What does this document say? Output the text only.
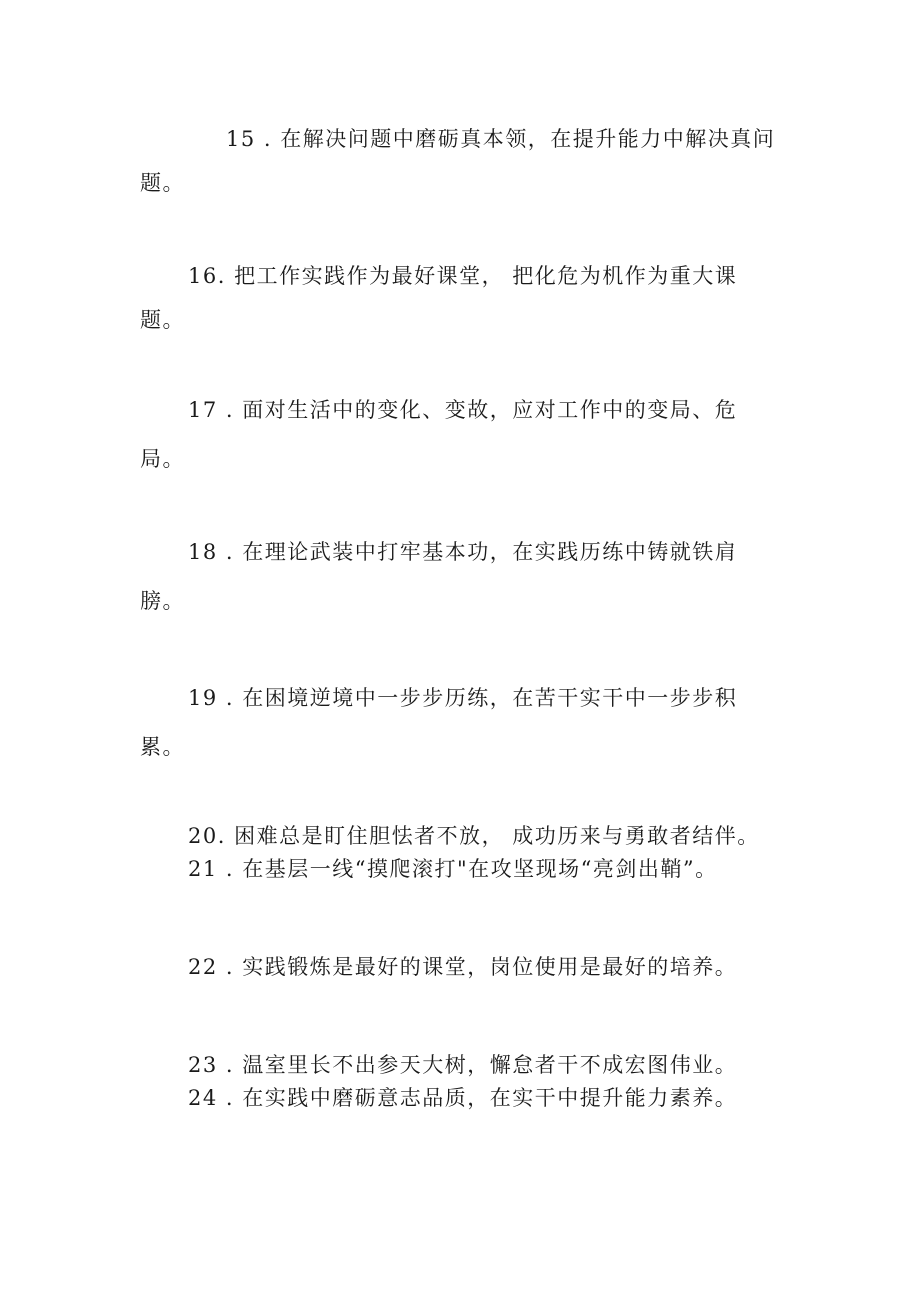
15 . 在解决问题中磨砺真本领，在提升能力中解决真问
题。
16. 把工作实践作为最好课堂， 把化危为机作为重大课
题。
17 . 面对生活中的变化、变故，应对工作中的变局、危
局。
18 . 在理论武装中打牢基本功，在实践历练中铸就铁肩
膀。
19 . 在困境逆境中一步步历练，在苦干实干中一步步积
累。
20. 困难总是盯住胆怯者不放， 成功历来与勇敢者结伴。
21 . 在基层一线“摸爬滚打"在攻坚现场“亮剑出鞘”。
22 . 实践锻炼是最好的课堂，岗位使用是最好的培养。
23 . 温室里长不出参天大树，懈怠者干不成宏图伟业。
24 . 在实践中磨砺意志品质，在实干中提升能力素养。
